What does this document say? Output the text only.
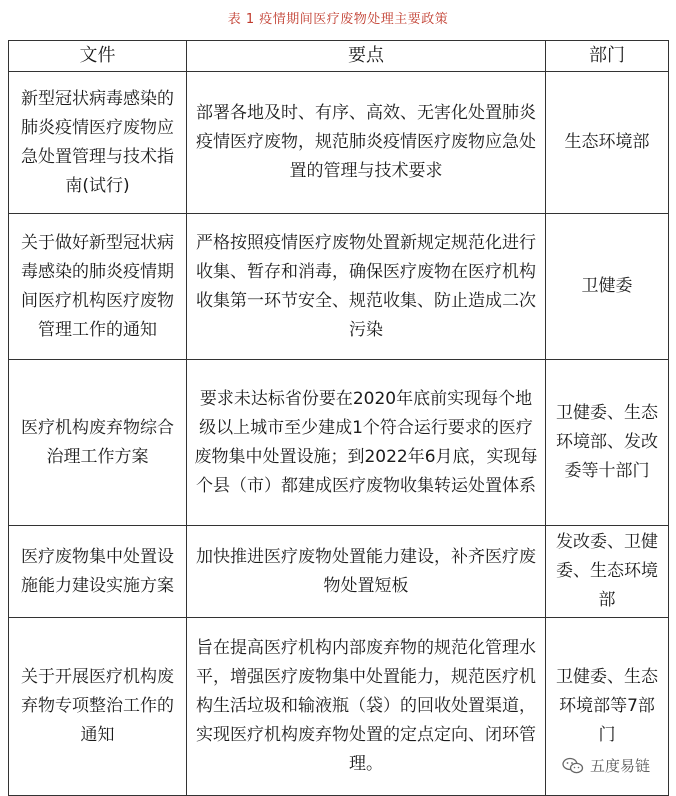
表 1 疫情期间医疗废物处理主要政策
文件	要点	部门
新型冠状病毒感染的肺炎疫情医疗废物应急处置管理与技术指南(试行)	部署各地及时、有序、高效、无害化处置肺炎疫情医疗废物，规范肺炎疫情医疗废物应急处置的管理与技术要求	生态环境部
关于做好新型冠状病毒感染的肺炎疫情期间医疗机构医疗废物管理工作的通知	严格按照疫情医疗废物处置新规定规范化进行收集、暂存和消毒，确保医疗废物在医疗机构收集第一环节安全、规范收集、防止造成二次污染	卫健委
医疗机构废弃物综合治理工作方案	要求未达标省份要在2020年底前实现每个地级以上城市至少建成1个符合运行要求的医疗废物集中处置设施；到2022年6月底，实现每个县（市）都建成医疗废物收集转运处置体系	卫健委、生态环境部、发改委等十部门
医疗废物集中处置设施能力建设实施方案	加快推进医疗废物处置能力建设，补齐医疗废物处置短板	发改委、卫健委、生态环境部
关于开展医疗机构废弃物专项整治工作的通知	旨在提高医疗机构内部废弃物的规范化管理水平，增强医疗废物集中处置能力，规范医疗机构生活垃圾和输液瓶（袋）的回收处置渠道，实现医疗机构废弃物处置的定点定向、闭环管理。	卫健委、生态环境部等7部门
五度易链
